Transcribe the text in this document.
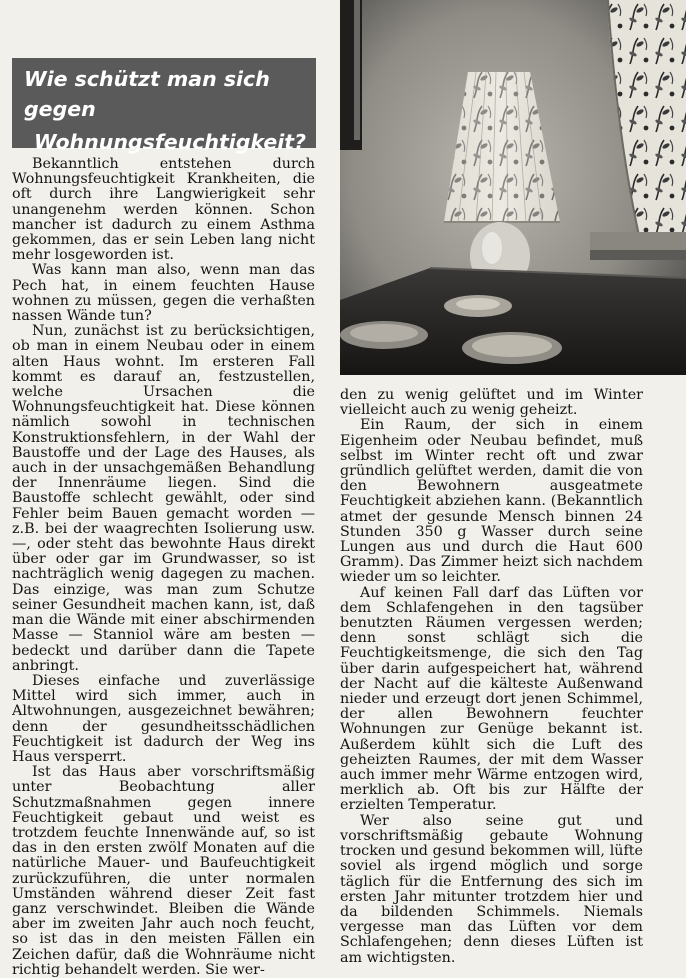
Wie schützt man sich gegen
Wohnungsfeuchtigkeit?

Bekanntlich entstehen durch Wohnungsfeuchtigkeit Krankheiten, die oft durch ihre Langwierigkeit sehr unangenehm werden können. Schon mancher ist dadurch zu einem Asthma gekommen, das er sein Leben lang nicht mehr losgeworden ist.

Was kann man also, wenn man das Pech hat, in einem feuchten Hause wohnen zu müssen, gegen die verhaßten nassen Wände tun?

Nun, zunächst ist zu berücksichtigen, ob man in einem Neubau oder in einem alten Haus wohnt. Im ersteren Fall kommt es darauf an, festzustellen, welche Ursachen die Wohnungsfeuchtigkeit hat. Diese können nämlich sowohl in technischen Konstruktionsfehlern, in der Wahl der Baustoffe und der Lage des Hauses, als auch in der unsachgemäßen Behandlung der Innenräume liegen. Sind die Baustoffe schlecht gewählt, oder sind Fehler beim Bauen gemacht worden — z.B. bei der waagrechten Isolierung usw. —, oder steht das bewohnte Haus direkt über oder gar im Grundwasser, so ist nachträglich wenig dagegen zu machen. Das einzige, was man zum Schutze seiner Gesundheit machen kann, ist, daß man die Wände mit einer abschirmenden Masse — Stanniol wäre am besten — bedeckt und darüber dann die Tapete anbringt.

Dieses einfache und zuverlässige Mittel wird sich immer, auch in Altwohnungen, ausgezeichnet bewähren; denn der gesundheitsschädlichen Feuchtigkeit ist dadurch der Weg ins Haus versperrt.

Ist das Haus aber vorschriftsmäßig unter Beobachtung aller Schutzmaßnahmen gegen innere Feuchtigkeit gebaut und weist es trotzdem feuchte Innenwände auf, so ist das in den ersten zwölf Monaten auf die natürliche Mauer- und Baufeuchtigkeit zurückzuführen, die unter normalen Umständen während dieser Zeit fast ganz verschwindet. Bleiben die Wände aber im zweiten Jahr auch noch feucht, so ist das in den meisten Fällen ein Zeichen dafür, daß die Wohnräume nicht richtig behandelt werden. Sie wer-

den zu wenig gelüftet und im Winter vielleicht auch zu wenig geheizt.

Ein Raum, der sich in einem Eigenheim oder Neubau befindet, muß selbst im Winter recht oft und zwar gründlich gelüftet werden, damit die von den Bewohnern ausgeatmete Feuchtigkeit abziehen kann. (Bekanntlich atmet der gesunde Mensch binnen 24 Stunden 350 g Wasser durch seine Lungen aus und durch die Haut 600 Gramm). Das Zimmer heizt sich nachdem wieder um so leichter.

Auf keinen Fall darf das Lüften vor dem Schlafengehen in den tagsüber benutzten Räumen vergessen werden; denn sonst schlägt sich die Feuchtigkeitsmenge, die sich den Tag über darin aufgespeichert hat, während der Nacht auf die kälteste Außenwand nieder und erzeugt dort jenen Schimmel, der allen Bewohnern feuchter Wohnungen zur Genüge bekannt ist. Außerdem kühlt sich die Luft des geheizten Raumes, der mit dem Wasser auch immer mehr Wärme entzogen wird, merklich ab. Oft bis zur Hälfte der erzielten Temperatur.

Wer also seine gut und vorschriftsmäßig gebaute Wohnung trocken und gesund bekommen will, lüfte soviel als irgend möglich und sorge täglich für die Entfernung des sich im ersten Jahr mitunter trotzdem hier und da bildenden Schimmels. Niemals vergesse man das Lüften vor dem Schlafengehen; denn dieses Lüften ist am wichtigsten.
